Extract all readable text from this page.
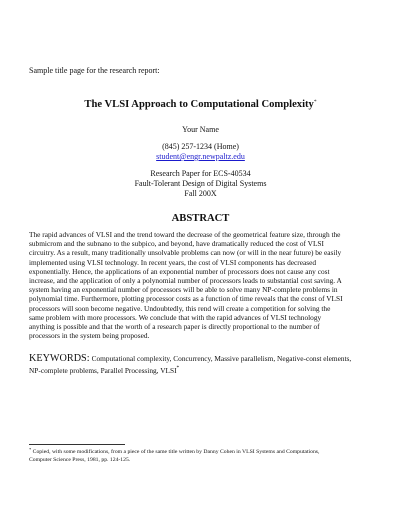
Sample title page for the research report:
The VLSI Approach to Computational Complexity*
Your Name
(845) 257-1234 (Home)
student@engr.newpaltz.edu
Research Paper for ECS-40534
Fault-Tolerant Design of Digital Systems
Fall 200X
ABSTRACT
The rapid advances of VLSI and the trend toward the decrease of the geometrical feature size, through the
submicrom and the subnano to the subpico, and beyond, have dramatically reduced the cost of VLSI
circuitry. As a result, many traditionally unsolvable problems can now (or will in the near future) be easily
implemented using VLSI technology. In recent years, the cost of VLSI components has decreased
exponentially. Hence, the applications of an exponential number of processors does not cause any cost
increase, and the application of only a polynomial number of processors leads to substantial cost saving. A
system having an exponential number of processors will be able to solve many NP-complete problems in
polynomial time. Furthermore, plotting processor costs as a function of time reveals that the const of VLSI
processors will soon become negative. Undoubtedly, this rend will create a competition for solving the
same problem with more processors. We conclude that with the rapid advances of VLSI technology
anything is possible and that the worth of a research paper is directly proportional to the number of
processors in the system being proposed.
KEYWORDS: Computational complexity, Concurrency, Massive parallelism, Negative-const elements,
NP-complete problems, Parallel Processing, VLSI*
* Copied, with some modifications, from a piece of the same title written by Danny Cohen in VLSI Systems and Computations,
Computer Science Press, 1981, pp. 124-125.
